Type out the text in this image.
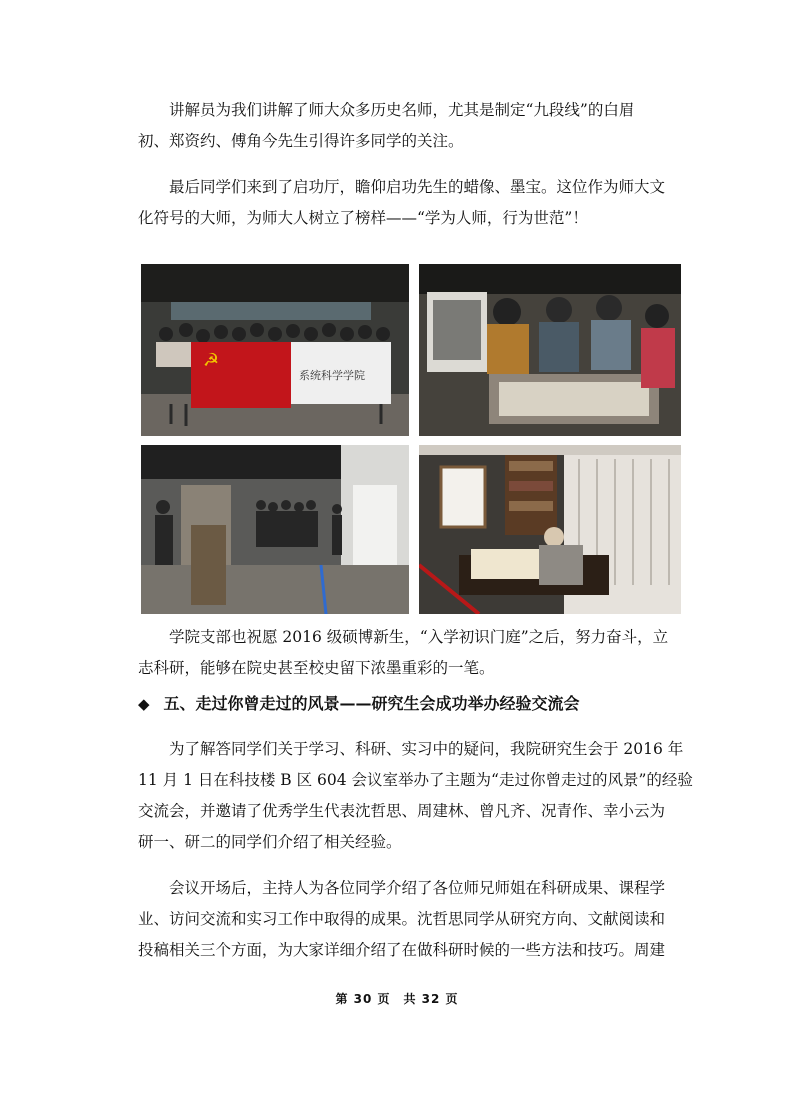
　　讲解员为我们讲解了师大众多历史名师，尤其是制定“九段线”的白眉
初、郑资约、傅角今先生引得许多同学的关注。

　　最后同学们来到了启功厅，瞻仰启功先生的蜡像、墨宝。这位作为师大文
化符号的大师，为师大人树立了榜样——“学为人师，行为世范”！

☭
系统科学学院

　　学院支部也祝愿 2016 级硕博新生，“入学初识门庭”之后，努力奋斗，立
志科研，能够在院史甚至校史留下浓墨重彩的一笔。

◆ 五、走过你曾走过的风景——研究生会成功举办经验交流会

　　为了解答同学们关于学习、科研、实习中的疑问，我院研究生会于 2016 年
11 月 1 日在科技楼 B 区 604 会议室举办了主题为“走过你曾走过的风景”的经验
交流会，并邀请了优秀学生代表沈哲思、周建林、曾凡齐、况青作、幸小云为
研一、研二的同学们介绍了相关经验。

　　会议开场后，主持人为各位同学介绍了各位师兄师姐在科研成果、课程学
业、访问交流和实习工作中取得的成果。沈哲思同学从研究方向、文献阅读和
投稿相关三个方面，为大家详细介绍了在做科研时候的一些方法和技巧。周建

第 30 页　共 32 页
